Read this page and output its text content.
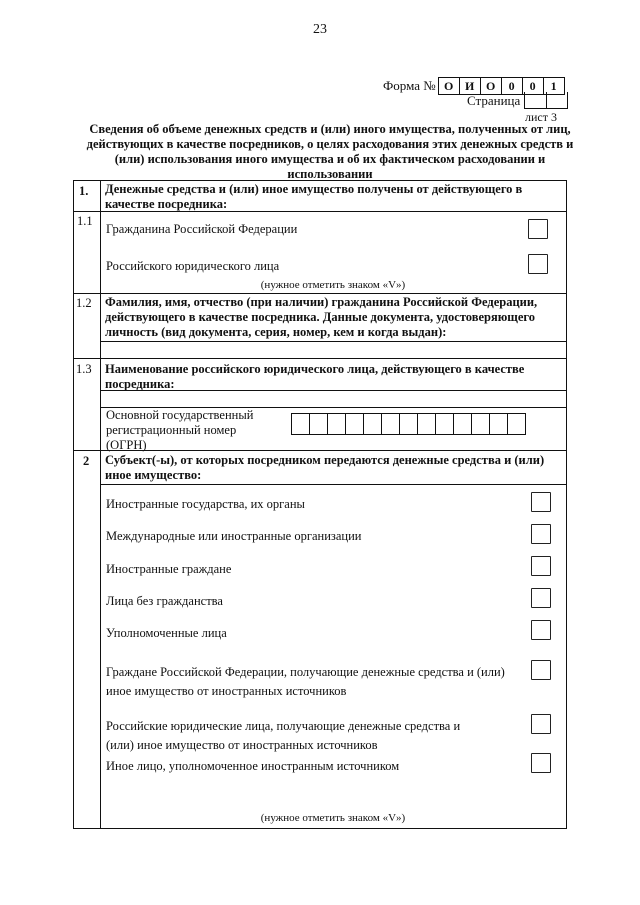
23
Форма № О И О	0	0	1
Страница
лист 3
Сведения об объеме денежных средств и (или) иного имущества, полученных от лиц, действующих в качестве посредников, о целях расходования этих денежных средств и (или) использования иного имущества и об их фактическом расходовании и использовании
1. Денежные средства и (или) иное имущество получены от действующего в качестве посредника:
1.1
Гражданина Российской Федерации
Российского юридического лица
(нужное отметить знаком «V»)
1.2 Фамилия, имя, отчество (при наличии) гражданина Российской Федерации, действующего в качестве посредника. Данные документа, удостоверяющего личность (вид документа, серия, номер, кем и когда выдан):
1.3 Наименование российского юридического лица, действующего в качестве посредника:
Основной государственный регистрационный номер (ОГРН)
2 Субъект(-ы), от которых посредником передаются денежные средства и (или) иное имущество:
Иностранные государства, их органы
Международные или иностранные организации
Иностранные граждане
Лица без гражданства
Уполномоченные лица
Граждане Российской Федерации, получающие денежные средства и (или) иное имущество от иностранных источников
Российские юридические лица, получающие денежные средства и (или) иное имущество от иностранных источников
Иное лицо, уполномоченное иностранным источником
(нужное отметить знаком «V»)
